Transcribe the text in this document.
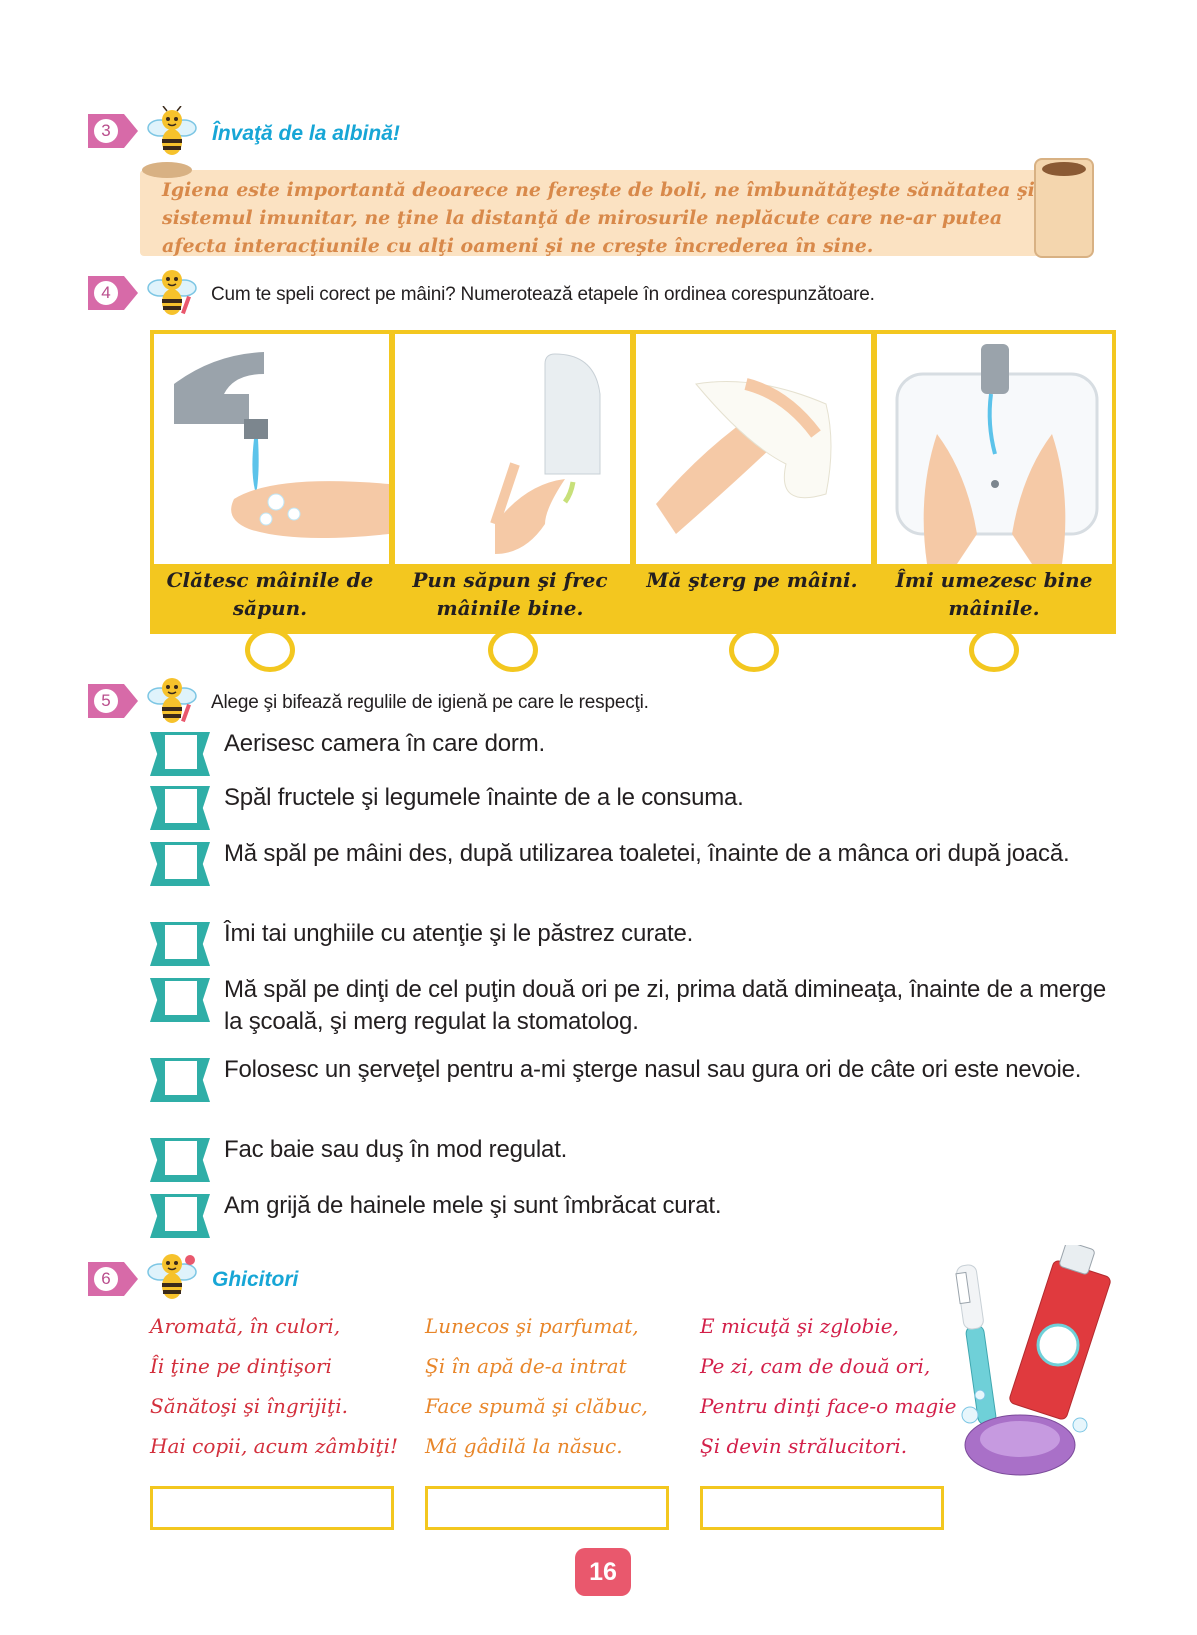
3	Învaţă de la albină!
Igiena este importantă deoarece ne fereşte de boli, ne îmbunătăţeşte sănătatea şi sistemul imunitar, ne ţine la distanţă de mirosurile neplăcute care ne-ar putea afecta interacţiunile cu alţi oameni şi ne creşte încrederea în sine.
4	Cum te speli corect pe mâini? Numerotează etapele în ordinea corespunzătoare.
Clătesc mâinile de săpun.
Pun săpun şi frec mâinile bine.
Mă şterg pe mâini.	Îmi umezesc bine mâinile.
5	Alege şi bifează regulile de igienă pe care le respecţi.
Aerisesc camera în care dorm.
Spăl fructele şi legumele înainte de a le consuma.
Mă spăl pe mâini des, după utilizarea toaletei, înainte de a mânca ori după joacă.
Îmi tai unghiile cu atenţie şi le păstrez curate.
Mă spăl pe dinţi de cel puţin două ori pe zi, prima dată dimineaţa, înainte de a merge la şcoală, şi merg regulat la stomatolog.
Folosesc un şerveţel pentru a-mi şterge nasul sau gura ori de câte ori este nevoie.
Fac baie sau duş în mod regulat.
Am grijă de hainele mele şi sunt îmbrăcat curat.
6	Ghicitori

Aromată, în culori,

Îi ţine pe dinţişori

Sănătoşi şi îngrijiţi.

Hai copii, acum zâmbiţi!

Lunecos şi parfumat,

Şi în apă de-a intrat

Face spumă şi clăbuc,

Mă gâdilă la năsuc.

E micuţă şi zglobie,

Pe zi, cam de două ori,

Pentru dinţi face-o magie

Şi devin strălucitori.

16
